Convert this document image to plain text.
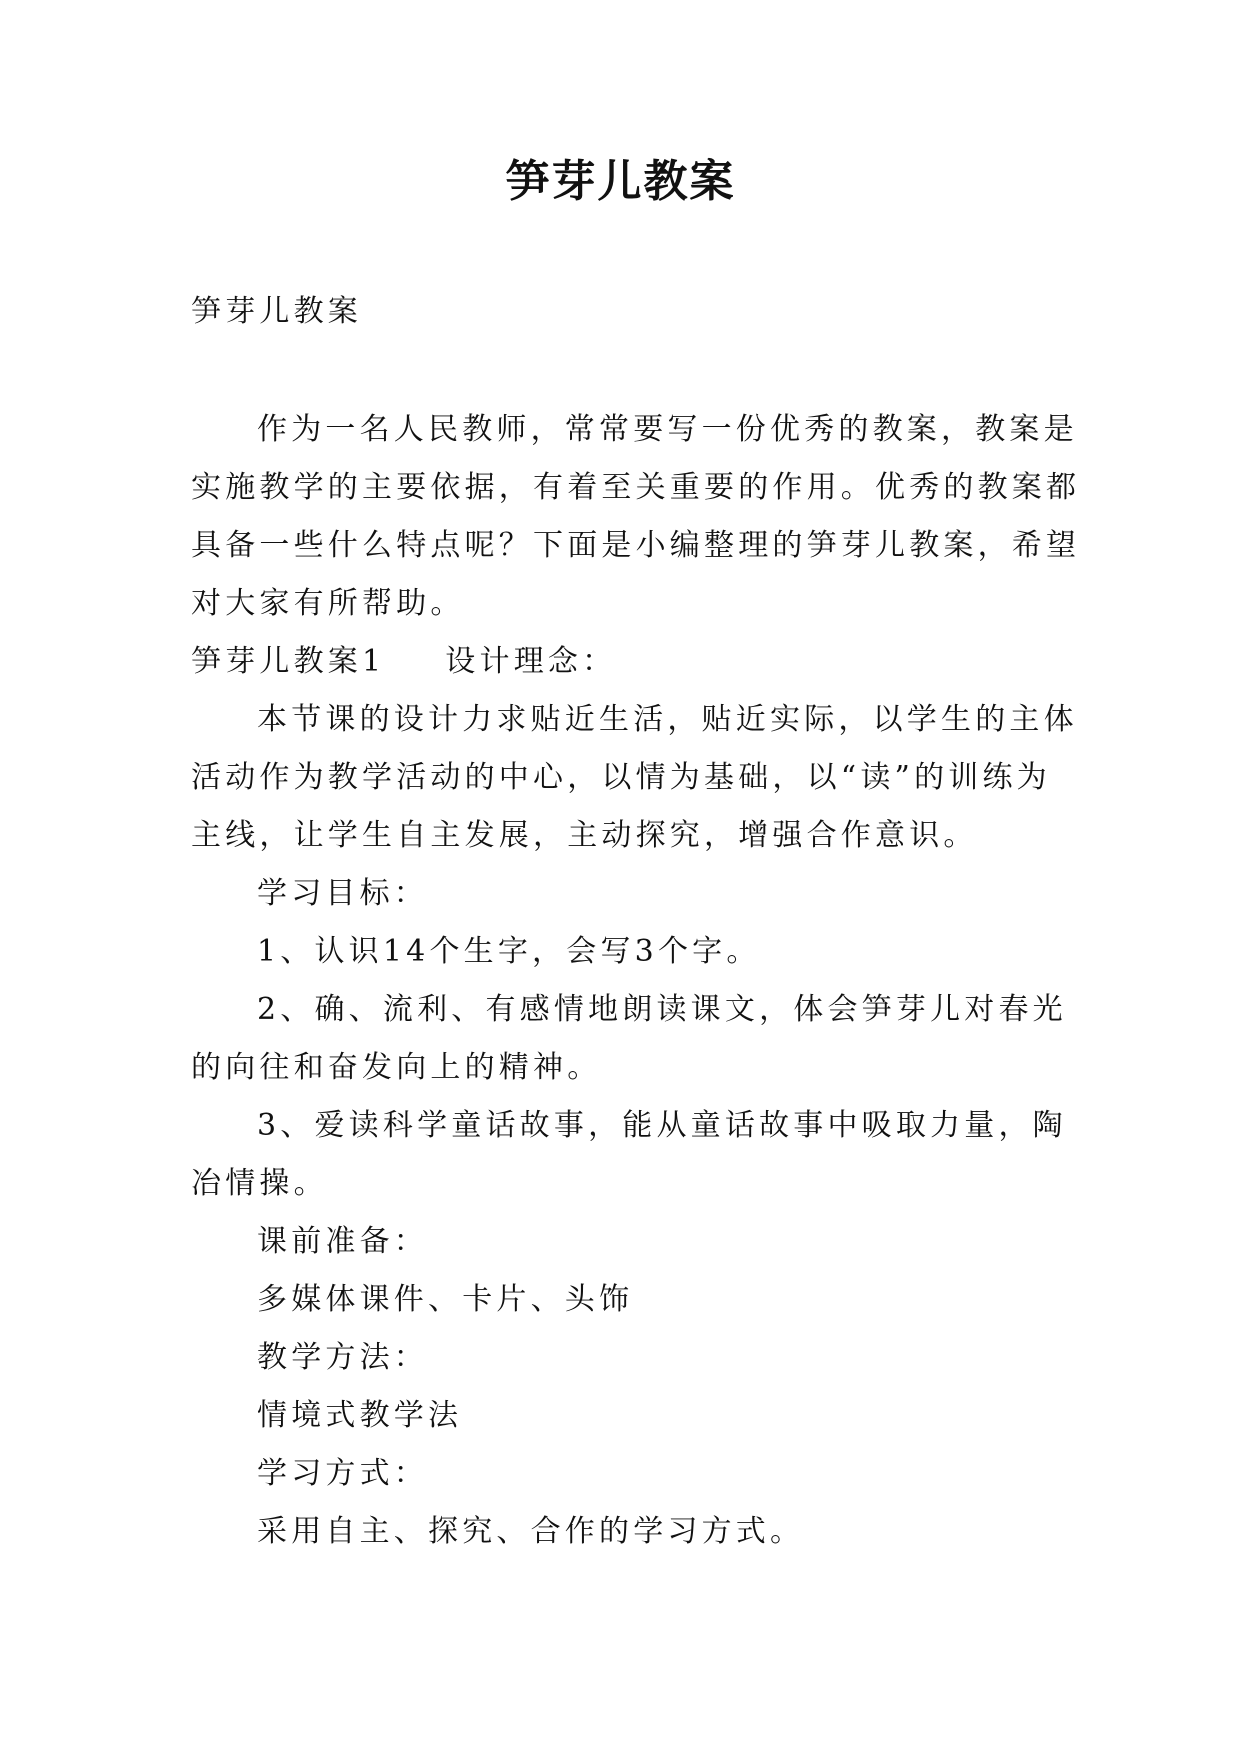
笋芽儿教案
笋芽儿教案
作为一名人民教师，常常要写一份优秀的教案，教案是
实施教学的主要依据，有着至关重要的作用。优秀的教案都
具备一些什么特点呢？下面是小编整理的笋芽儿教案，希望
对大家有所帮助。
笋芽儿教案1 设计理念：
本节课的设计力求贴近生活，贴近实际，以学生的主体
活动作为教学活动的中心，以情为基础，以“读”的训练为
主线，让学生自主发展，主动探究，增强合作意识。
学习目标：
1、认识14个生字，会写3个字。
2、确、流利、有感情地朗读课文，体会笋芽儿对春光
的向往和奋发向上的精神。
3、爱读科学童话故事，能从童话故事中吸取力量，陶
冶情操。
课前准备：
多媒体课件、卡片、头饰
教学方法：
情境式教学法
学习方式：
采用自主、探究、合作的学习方式。
